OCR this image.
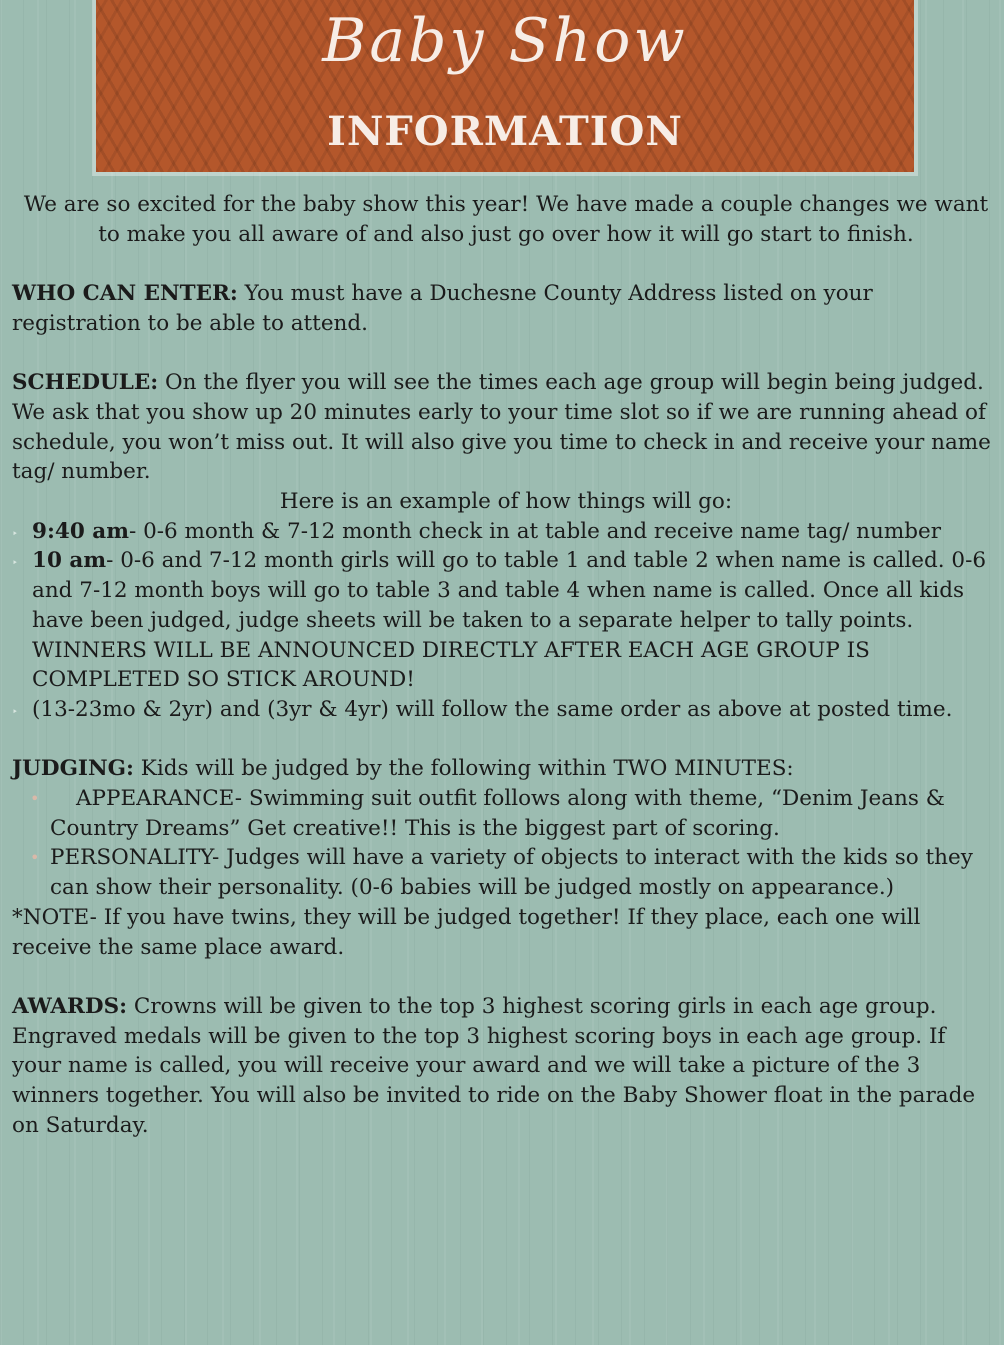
Baby Show
INFORMATION

We are so excited for the baby show this year! We have made a couple changes we want to make you all aware of and also just go over how it will go start to finish.

WHO CAN ENTER: You must have a Duchesne County Address listed on your registration to be able to attend.

SCHEDULE: On the flyer you will see the times each age group will begin being judged. We ask that you show up 20 minutes early to your time slot so if we are running ahead of schedule, you won’t miss out. It will also give you time to check in and receive your name tag/ number.

Here is an example of how things will go:

‣ 9:40 am- 0-6 month & 7-12 month check in at table and receive name tag/ number
‣ 10 am- 0-6 and 7-12 month girls will go to table 1 and table 2 when name is called. 0-6 and 7-12 month boys will go to table 3 and table 4 when name is called. Once all kids have been judged, judge sheets will be taken to a separate helper to tally points. WINNERS WILL BE ANNOUNCED DIRECTLY AFTER EACH AGE GROUP IS COMPLETED SO STICK AROUND!
‣ (13-23mo & 2yr) and (3yr & 4yr) will follow the same order as above at posted time.

JUDGING: Kids will be judged by the following within TWO MINUTES:

• APPEARANCE- Swimming suit outfit follows along with theme, “Denim Jeans & Country Dreams” Get creative!! This is the biggest part of scoring.
• PERSONALITY- Judges will have a variety of objects to interact with the kids so they can show their personality. (0-6 babies will be judged mostly on appearance.)

*NOTE- If you have twins, they will be judged together! If they place, each one will receive the same place award.

AWARDS: Crowns will be given to the top 3 highest scoring girls in each age group. Engraved medals will be given to the top 3 highest scoring boys in each age group. If your name is called, you will receive your award and we will take a picture of the 3 winners together. You will also be invited to ride on the Baby Shower float in the parade on Saturday.
